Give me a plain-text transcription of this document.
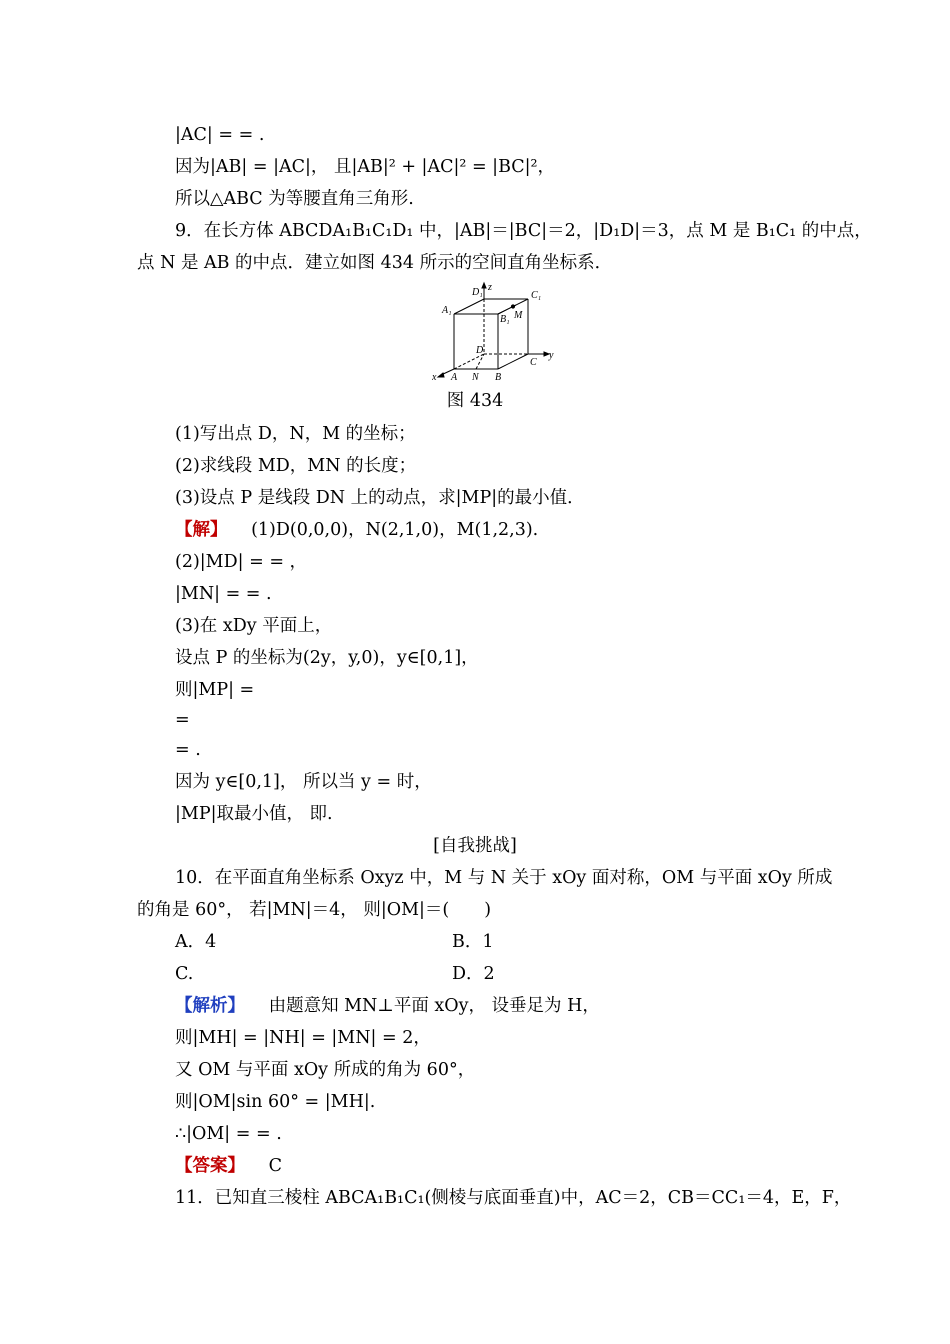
|AC| = = .
因为|AB| = |AC|， 且|AB|² + |AC|² = |BC|²，
所以△ABC 为等腰直角三角形.
9．在长方体 ABCDA₁B₁C₁D₁ 中，|AB|＝|BC|＝2，|D₁D|＝3，点 M 是 B₁C₁ 的中点，
点 N 是 AB 的中点．建立如图 434 所示的空间直角坐标系．
D₁ z
C₁
A₁
B₁ M
D	y
C
x A N B
图 434
(1)写出点 D，N，M 的坐标；
(2)求线段 MD，MN 的长度；
(3)设点 P 是线段 DN 上的动点，求|MP|的最小值．
【解】 (1)D(0,0,0)，N(2,1,0)，M(1,2,3).
(2)|MD| = = ，
|MN| = = .
(3)在 xDy 平面上，
设点 P 的坐标为(2y，y,0)，y∈[0,1]，
则|MP| =
=
= .
因为 y∈[0,1]， 所以当 y = 时，
|MP|取最小值， 即.
[自我挑战]
10．在平面直角坐标系 Oxyz 中，M 与 N 关于 xOy 面对称，OM 与平面 xOy 所成
的角是 60°， 若|MN|＝4， 则|OM|＝(　　)
A．4	B．1
C.	D．2
【解析】 由题意知 MN⊥平面 xOy， 设垂足为 H，
则|MH| = |NH| = |MN| = 2，
又 OM 与平面 xOy 所成的角为 60°，
则|OM|sin 60° = |MH|.
∴|OM| = = .
【答案】 C
11．已知直三棱柱 ABCA₁B₁C₁(侧棱与底面垂直)中，AC＝2，CB＝CC₁＝4，E，F，
